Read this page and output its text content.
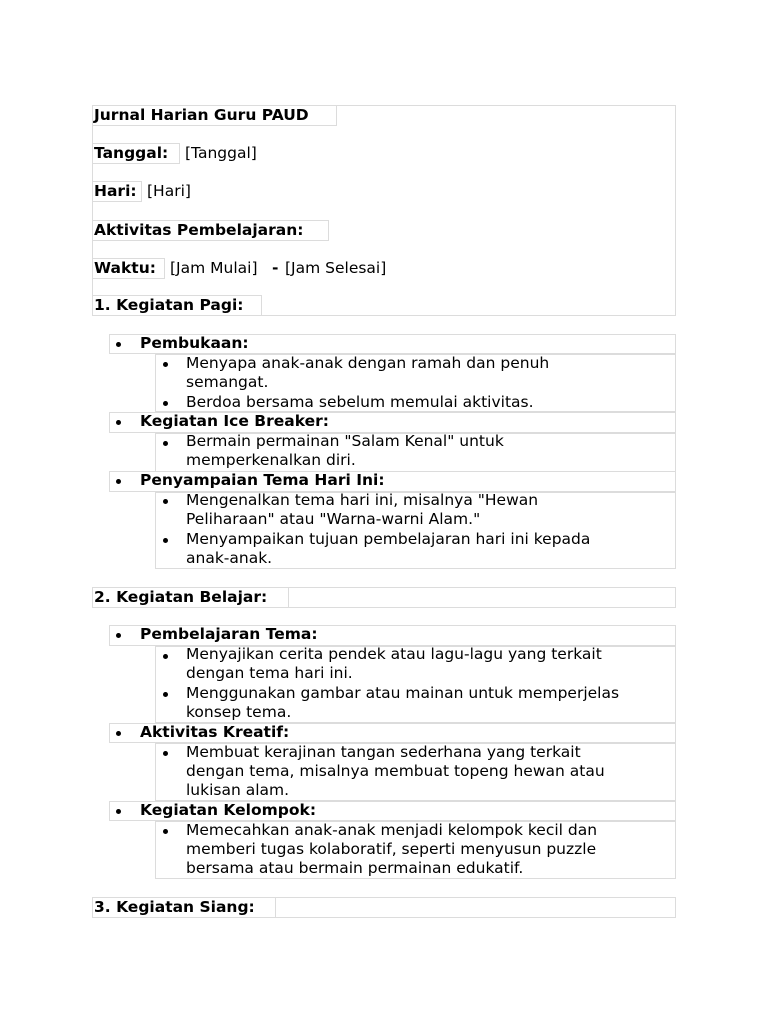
Jurnal Harian Guru PAUD
Tanggal: [Tanggal]
Hari: [Hari]
Aktivitas Pembelajaran:
Waktu: [Jam Mulai] - [Jam Selesai]
1. Kegiatan Pagi:
Pembukaan:
Menyapa anak-anak dengan ramah dan penuh
semangat.
Berdoa bersama sebelum memulai aktivitas.
Kegiatan Ice Breaker:
Bermain permainan "Salam Kenal" untuk
memperkenalkan diri.
Penyampaian Tema Hari Ini:
Mengenalkan tema hari ini, misalnya "Hewan
Peliharaan" atau "Warna-warni Alam."
Menyampaikan tujuan pembelajaran hari ini kepada
anak-anak.
2. Kegiatan Belajar:
Pembelajaran Tema:
Menyajikan cerita pendek atau lagu-lagu yang terkait
dengan tema hari ini.
Menggunakan gambar atau mainan untuk memperjelas
konsep tema.
Aktivitas Kreatif:
Membuat kerajinan tangan sederhana yang terkait
dengan tema, misalnya membuat topeng hewan atau
lukisan alam.
Kegiatan Kelompok:
Memecahkan anak-anak menjadi kelompok kecil dan
memberi tugas kolaboratif, seperti menyusun puzzle
bersama atau bermain permainan edukatif.
3. Kegiatan Siang:
